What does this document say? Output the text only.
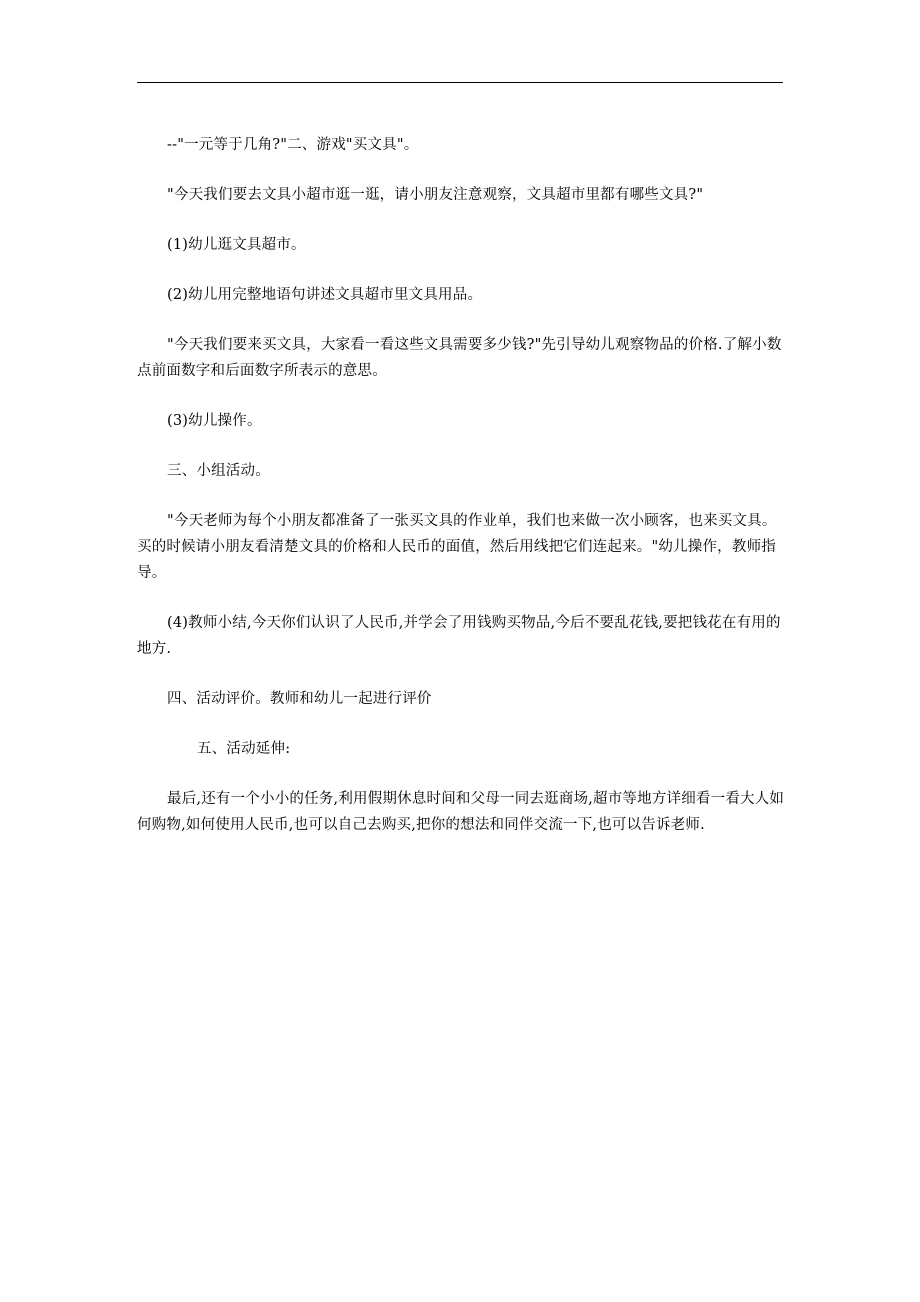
--"一元等于几角?"二、游戏"买文具"。

"今天我们要去文具小超市逛一逛，请小朋友注意观察，文具超市里都有哪些文具?"

(1)幼儿逛文具超市。

(2)幼儿用完整地语句讲述文具超市里文具用品。

"今天我们要来买文具，大家看一看这些文具需要多少钱?"先引导幼儿观察物品的价格.了解小数点前面数字和后面数字所表示的意思。

(3)幼儿操作。

三、小组活动。

"今天老师为每个小朋友都准备了一张买文具的作业单，我们也来做一次小顾客，也来买文具。买的时候请小朋友看清楚文具的价格和人民币的面值，然后用线把它们连起来。"幼儿操作，教师指导。

(4)教师小结,今天你们认识了人民币,并学会了用钱购买物品,今后不要乱花钱,要把钱花在有用的地方.

四、活动评价。教师和幼儿一起进行评价

五、活动延伸:

最后,还有一个小小的任务,利用假期休息时间和父母一同去逛商场,超市等地方详细看一看大人如何购物,如何使用人民币,也可以自己去购买,把你的想法和同伴交流一下,也可以告诉老师.
